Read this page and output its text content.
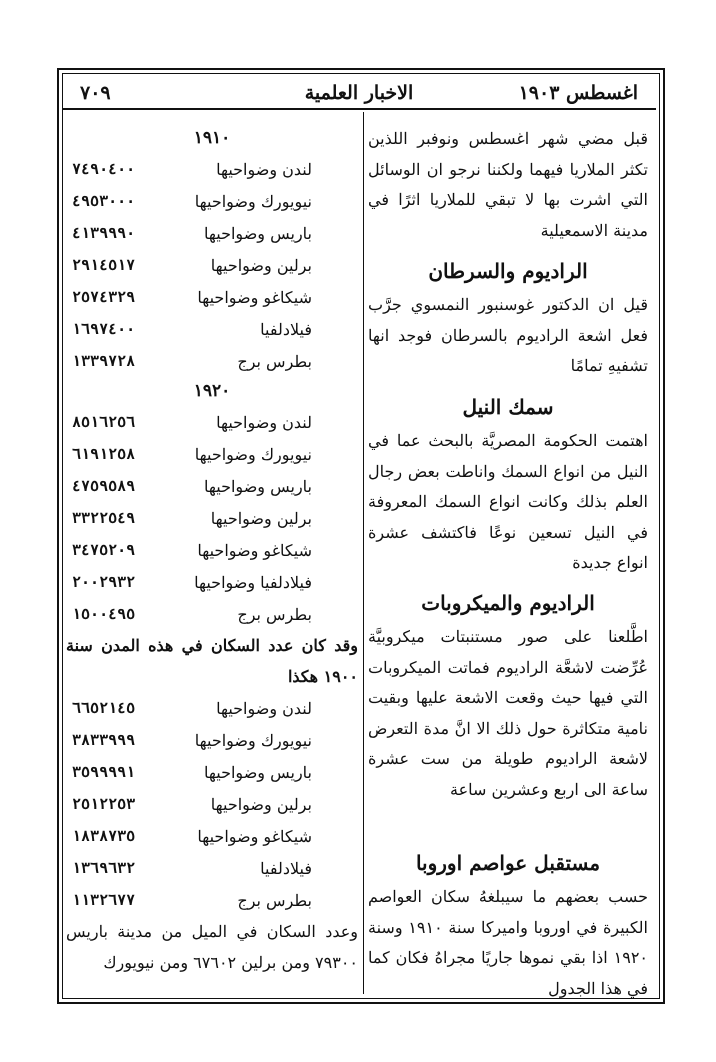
اغسطس ١٩٠٣
الاخبار العلمية
٧٠٩

قبل مضي شهر اغسطس ونوفبر اللذين تكثر الملاريا فيهما ولكننا نرجو ان الوسائل التي اشرت بها لا تبقي للملاريا اثرًا في مدينة الاسمعيلية

الراديوم والسرطان

قيل ان الدكتور غوسنبور النمسوي جرَّب فعل اشعة الراديوم بالسرطان فوجد انها تشفيهِ تمامًا

سمك النيل

اهتمت الحكومة المصريَّة بالبحث عما في النيل من انواع السمك واناطت بعض رجال العلم بذلك وكانت انواع السمك المعروفة في النيل تسعين نوعًا فاكتشف عشرة انواع جديدة

الراديوم والميكروبات

اطَّلعنا على صور مستنبتات ميكروبيَّة عُرِّضت لاشعَّة الراديوم فماتت الميكروبات التي فيها حيث وقعت الاشعة عليها وبقيت نامية متكاثرة حول ذلك الا انَّ مدة التعرض لاشعة الراديوم طويلة من ست عشرة ساعة الى اربع وعشرين ساعة

مستقبل عواصم اوروبا

حسب بعضهم ما سيبلغهُ سكان العواصم الكبيرة في اوروبا واميركا سنة ١٩١٠ وسنة ١٩٢٠ اذا بقي نموها جاريًا مجراهُ فكان كما في هذا الجدول

١٩١٠
لندن وضواحيها
٧٤٩٠٤٠٠
نيويورك وضواحيها
٤٩٥٣٠٠٠
باريس وضواحيها
٤١٣٩٩٩٠
برلين وضواحيها
٢٩١٤٥١٧
شيكاغو وضواحيها
٢٥٧٤٣٢٩
فيلادلفيا
١٦٩٧٤٠٠
بطرس برج
١٣٣٩٧٢٨
١٩٢٠
لندن وضواحيها
٨٥١٦٢٥٦
نيويورك وضواحيها
٦١٩١٢٥٨
باريس وضواحيها
٤٧٥٩٥٨٩
برلين وضواحيها
٣٣٢٢٥٤٩
شيكاغو وضواحيها
٣٤٧٥٢٠٩
فيلادلفيا وضواحيها
٢٠٠٢٩٣٢
بطرس برج
١٥٠٠٤٩٥

وقد كان عدد السكان في هذه المدن سنة ١٩٠٠ هكذا

لندن وضواحيها
٦٦٥٢١٤٥
نيويورك وضواحيها
٣٨٣٣٩٩٩
باريس وضواحيها
٣٥٩٩٩٩١
برلين وضواحيها
٢٥١٢٢٥٣
شيكاغو وضواحيها
١٨٣٨٧٣٥
فيلادلفيا
١٣٦٩٦٣٢
بطرس برج
١١٣٢٦٧٧

وعدد السكان في الميل من مدينة باريس ٧٩٣٠٠ ومن برلين ٦٧٦٠٢ ومن نيويورك
